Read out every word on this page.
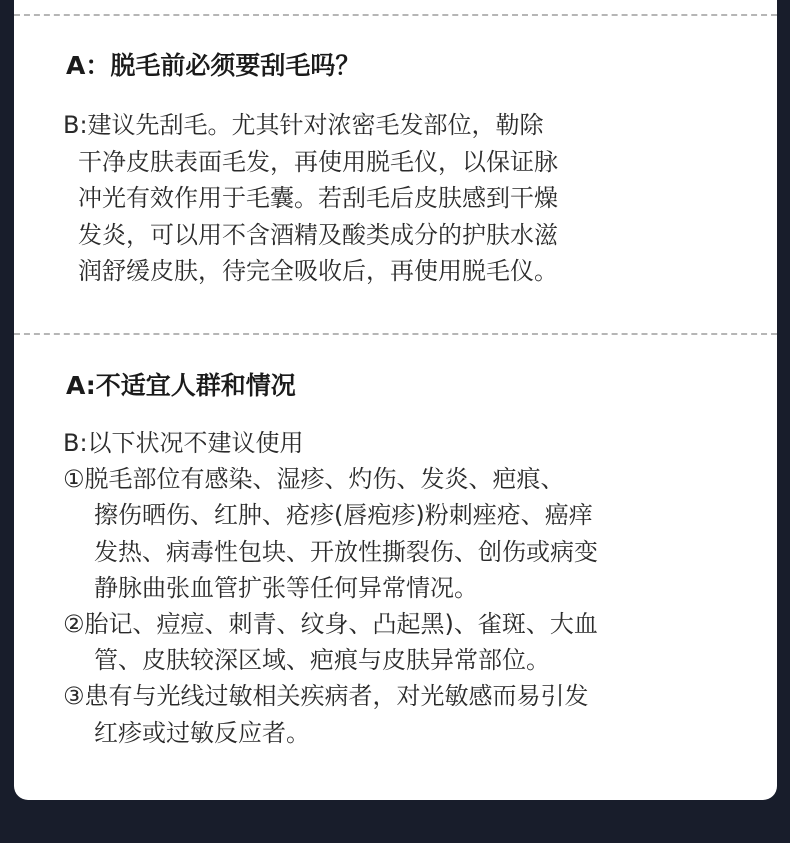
A：脱毛前必须要刮毛吗？
B:建议先刮毛。尤其针对浓密毛发部位，勒除
干净皮肤表面毛发，再使用脱毛仪，以保证脉
冲光有效作用于毛囊。若刮毛后皮肤感到干燥
发炎，可以用不含酒精及酸类成分的护肤水滋
润舒缓皮肤，待完全吸收后，再使用脱毛仪。
A:不适宜人群和情况
B:以下状况不建议使用
①脱毛部位有感染、湿疹、灼伤、发炎、疤痕、
擦伤晒伤、红肿、疮疹(唇疱疹)粉刺痤疮、癌痒
发热、病毒性包块、开放性撕裂伤、创伤或病变
静脉曲张血管扩张等任何异常情况。
②胎记、痘痘、刺青、纹身、凸起黑)、雀斑、大血
管、皮肤较深区域、疤痕与皮肤异常部位。
③患有与光线过敏相关疾病者，对光敏感而易引发
红疹或过敏反应者。
